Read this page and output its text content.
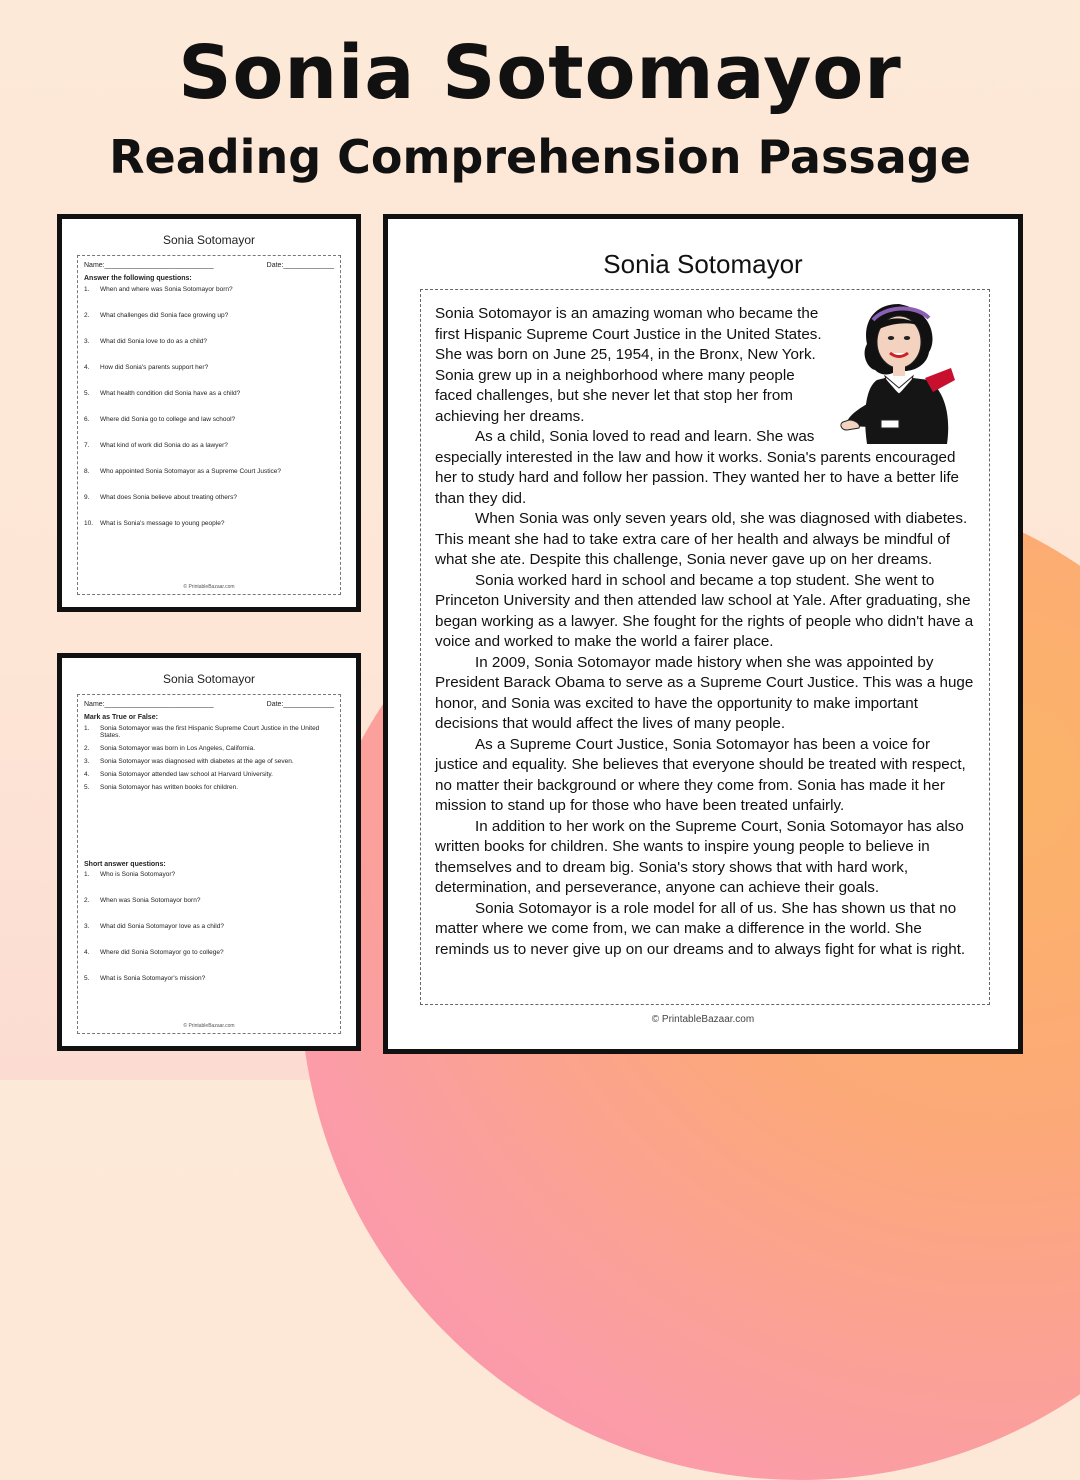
Sonia Sotomayor
Reading Comprehension Passage
Sonia Sotomayor
Name:____________________________	Date:_____________
Answer the following questions:
1.	When and where was Sonia Sotomayor born?
2.	What challenges did Sonia face growing up?
3.	What did Sonia love to do as a child?
4.	How did Sonia's parents support her?
5.	What health condition did Sonia have as a child?
6.	Where did Sonia go to college and law school?
7.	What kind of work did Sonia do as a lawyer?
8.	Who appointed Sonia Sotomayor as a Supreme Court Justice?
9.	What does Sonia believe about treating others?
10.	What is Sonia's message to young people?
© PrintableBazaar.com
Sonia Sotomayor
Name:____________________________	Date:_____________
Mark as True or False:
1.	Sonia Sotomayor was the first Hispanic Supreme Court Justice in the United States.
2.	Sonia Sotomayor was born in Los Angeles, California.
3.	Sonia Sotomayor was diagnosed with diabetes at the age of seven.
4.	Sonia Sotomayor attended law school at Harvard University.
5.	Sonia Sotomayor has written books for children.
Short answer questions:
1.	Who is Sonia Sotomayor?
2.	When was Sonia Sotomayor born?
3.	What did Sonia Sotomayor love as a child?
4.	Where did Sonia Sotomayor go to college?
5.	What is Sonia Sotomayor's mission?
© PrintableBazaar.com
Sonia Sotomayor

Sonia Sotomayor is an amazing woman who became the first Hispanic Supreme Court Justice in the United States. She was born on June 25, 1954, in the Bronx, New York. Sonia grew up in a neighborhood where many people faced challenges, but she never let that stop her from achieving her dreams.

As a child, Sonia loved to read and learn. She was especially interested in the law and how it works. Sonia's parents encouraged her to study hard and follow her passion. They wanted her to have a better life than they did.

When Sonia was only seven years old, she was diagnosed with diabetes. This meant she had to take extra care of her health and always be mindful of what she ate. Despite this challenge, Sonia never gave up on her dreams.

Sonia worked hard in school and became a top student. She went to Princeton University and then attended law school at Yale. After graduating, she began working as a lawyer. She fought for the rights of people who didn't have a voice and worked to make the world a fairer place.

In 2009, Sonia Sotomayor made history when she was appointed by President Barack Obama to serve as a Supreme Court Justice. This was a huge honor, and Sonia was excited to have the opportunity to make important decisions that would affect the lives of many people.

As a Supreme Court Justice, Sonia Sotomayor has been a voice for justice and equality. She believes that everyone should be treated with respect, no matter their background or where they come from. Sonia has made it her mission to stand up for those who have been treated unfairly.

In addition to her work on the Supreme Court, Sonia Sotomayor has also written books for children. She wants to inspire young people to believe in themselves and to dream big. Sonia's story shows that with hard work, determination, and perseverance, anyone can achieve their goals.

Sonia Sotomayor is a role model for all of us. She has shown us that no matter where we come from, we can make a difference in the world. She reminds us to never give up on our dreams and to always fight for what is right.

© PrintableBazaar.com
